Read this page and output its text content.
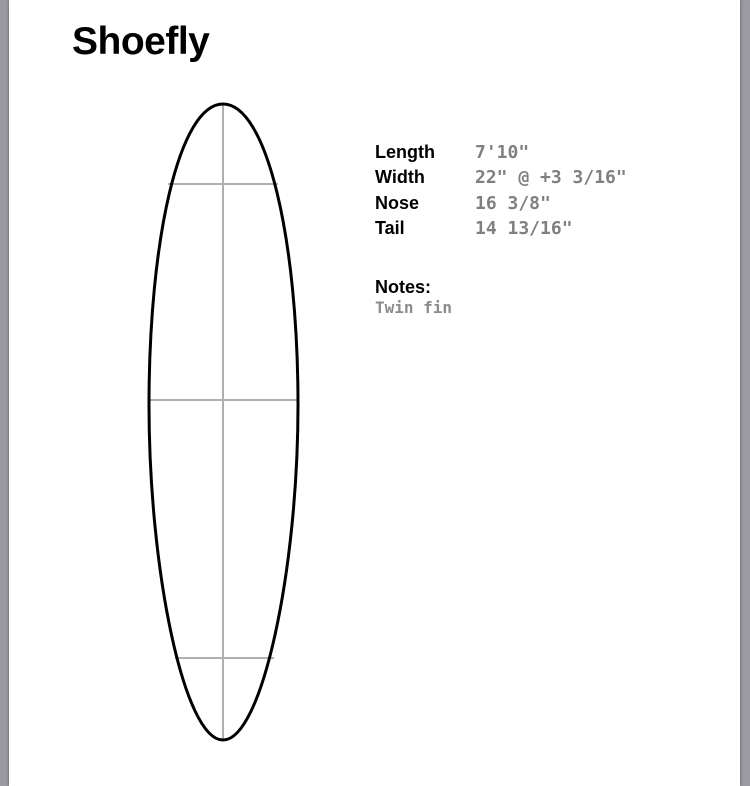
Shoefly
Length	7'10"
Width	22" @ +3 3/16"
Nose	16 3/8"
Tail	14 13/16"
Notes:
Twin fin
